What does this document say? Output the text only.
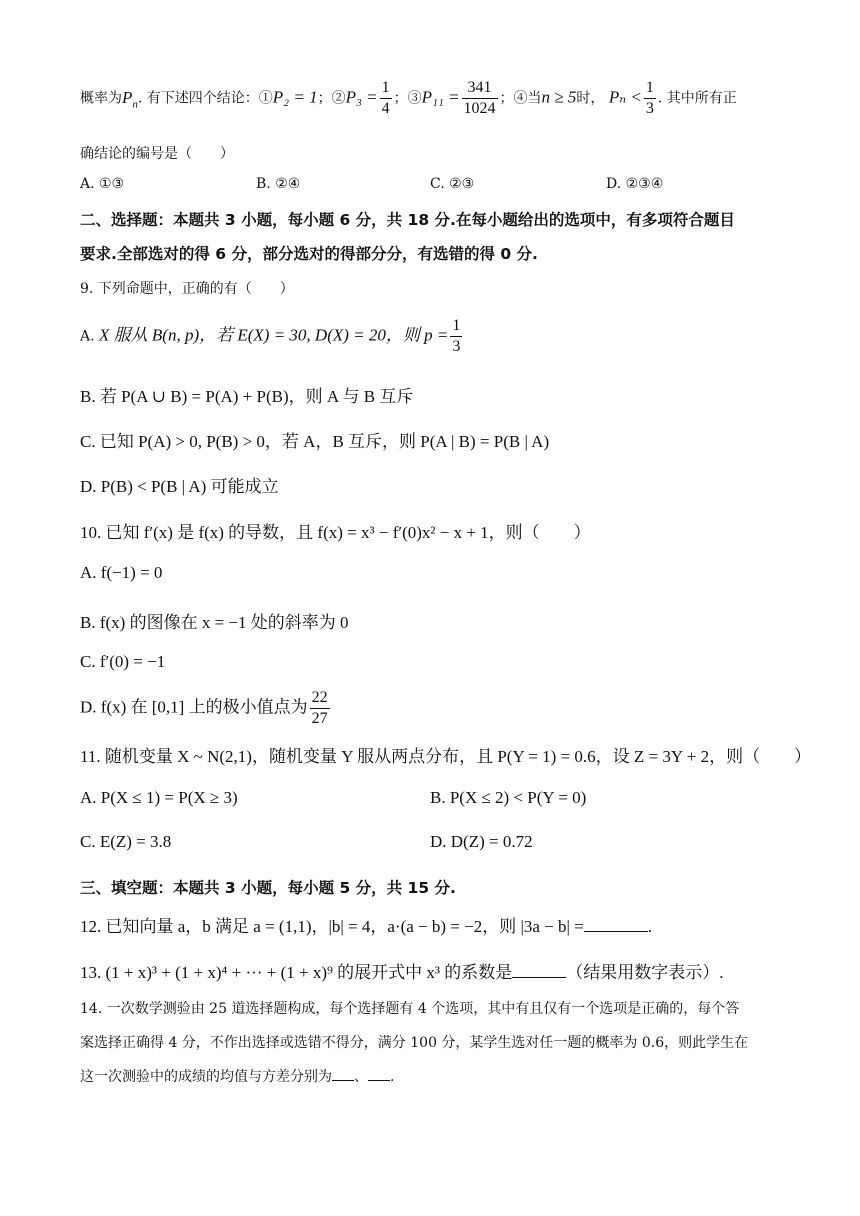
概率为$P_n$. 有下述四个结论：①P₂ = 1；②P₃ = $\frac{1}{4}$ ；③P₁₁ = $\frac{341}{1024}$ ；④当n ≥ 5时， $P_n < \frac{1}{3}$ . 其中所有正
确结论的编号是（　　）
A. ①③	B. ②④	C. ②③	D. ②③④
二、选择题：本题共 3 小题，每小题 6 分，共 18 分.在每小题给出的选项中，有多项符合题目
要求.全部选对的得 6 分，部分选对的得部分分，有选错的得 0 分.
9. 下列命题中，正确的有（　　）
A. X 服从 B(n, p)，若 E(X) = 30, D(X) = 20，则 $p = \frac{1}{3}$
B. 若 P(A ∪ B) = P(A) + P(B)，则 A 与 B 互斥
C. 已知 P(A) > 0, P(B) > 0，若 A，B 互斥，则 P(A | B) = P(B | A)
D. P(B) < P(B | A) 可能成立
10. 已知 f′(x) 是 f(x) 的导数，且 f(x) = x³ − f′(0)x² − x + 1，则（　　）
A. f(−1) = 0
B. f(x) 的图像在 x = −1 处的斜率为 0
C. f′(0) = −1
D. f(x) 在 [0,1] 上的极小值点为 $\frac{22}{27}$
11. 随机变量 X ~ N(2,1)，随机变量 Y 服从两点分布，且 P(Y = 1) = 0.6，设 Z = 3Y + 2，则（　　）
A. P(X ≤ 1) = P(X ≥ 3)	B. P(X ≤ 2) < P(Y = 0)
C. E(Z) = 3.8	D. D(Z) = 0.72
三、填空题：本题共 3 小题，每小题 5 分，共 15 分.
12. 已知向量 a，b 满足 a = (1,1)，|b| = 4，a·(a − b) = −2，则 |3a − b| =	.
13. (1 + x)³ + (1 + x)⁴ + ··· + (1 + x)⁹ 的展开式中 x³ 的系数是	（结果用数字表示）.
14. 一次数学测验由 25 道选择题构成，每个选择题有 4 个选项，其中有且仅有一个选项是正确的，每个答
案选择正确得 4 分，不作出选择或选错不得分，满分 100 分，某学生选对任一题的概率为 0.6，则此学生在
这一次测验中的成绩的均值与方差分别为 、 .
